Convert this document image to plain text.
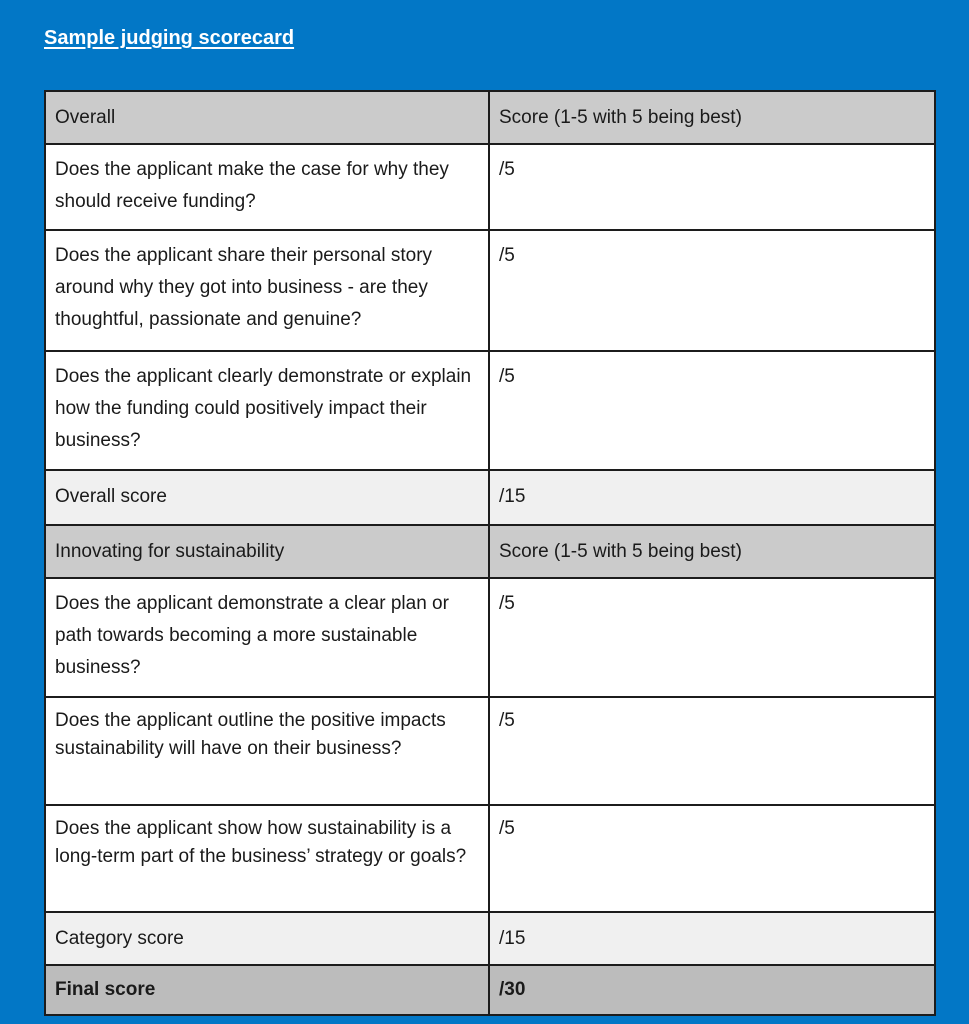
Sample judging scorecard
Overall	Score (1-5 with 5 being best)
Does the applicant make the case for why they should receive funding?	/5
Does the applicant share their personal story around why they got into business - are they thoughtful, passionate and genuine?	/5
Does the applicant clearly demonstrate or explain how the funding could positively impact their business?	/5
Overall score	/15
Innovating for sustainability	Score (1-5 with 5 being best)
Does the applicant demonstrate a clear plan or path towards becoming a more sustainable business?	/5
Does the applicant outline the positive impacts sustainability will have on their business?	/5
Does the applicant show how sustainability is a long-term part of the business’ strategy or goals?	/5
Category score	/15
Final score	/30
